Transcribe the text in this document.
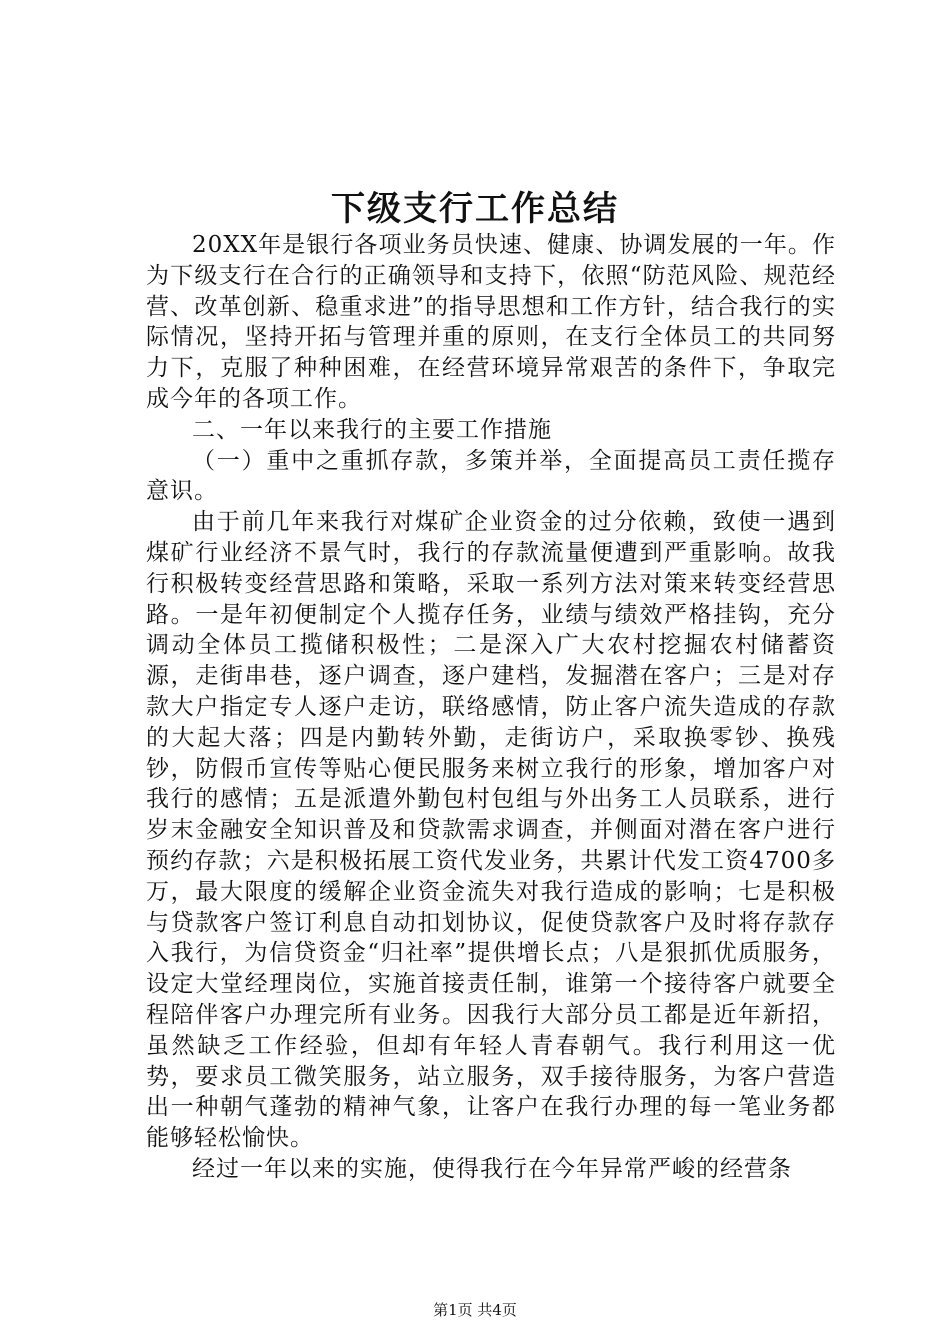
下级支行工作总结

20XX年是银行各项业务员快速、健康、协调发展的一年。作为下级支行在合行的正确领导和支持下，依照“防范风险、规范经营、改革创新、稳重求进”的指导思想和工作方针，结合我行的实际情况，坚持开拓与管理并重的原则，在支行全体员工的共同努力下，克服了种种困难，在经营环境异常艰苦的条件下，争取完成今年的各项工作。

二、一年以来我行的主要工作措施

（一）重中之重抓存款，多策并举，全面提高员工责任揽存意识。

由于前几年来我行对煤矿企业资金的过分依赖，致使一遇到煤矿行业经济不景气时，我行的存款流量便遭到严重影响。故我行积极转变经营思路和策略，采取一系列方法对策来转变经营思路。一是年初便制定个人揽存任务，业绩与绩效严格挂钩，充分调动全体员工揽储积极性；二是深入广大农村挖掘农村储蓄资源，走街串巷，逐户调查，逐户建档，发掘潜在客户；三是对存款大户指定专人逐户走访，联络感情，防止客户流失造成的存款的大起大落；四是内勤转外勤，走街访户，采取换零钞、换残钞，防假币宣传等贴心便民服务来树立我行的形象，增加客户对我行的感情；五是派遣外勤包村包组与外出务工人员联系，进行岁末金融安全知识普及和贷款需求调查，并侧面对潜在客户进行预约存款；六是积极拓展工资代发业务，共累计代发工资4700多万，最大限度的缓解企业资金流失对我行造成的影响；七是积极与贷款客户签订利息自动扣划协议，促使贷款客户及时将存款存入我行，为信贷资金“归社率”提供增长点；八是狠抓优质服务，设定大堂经理岗位，实施首接责任制，谁第一个接待客户就要全程陪伴客户办理完所有业务。因我行大部分员工都是近年新招，虽然缺乏工作经验，但却有年轻人青春朝气。我行利用这一优势，要求员工微笑服务，站立服务，双手接待服务，为客户营造出一种朝气蓬勃的精神气象，让客户在我行办理的每一笔业务都能够轻松愉快。

经过一年以来的实施，使得我行在今年异常严峻的经营条

第1页 共4页
